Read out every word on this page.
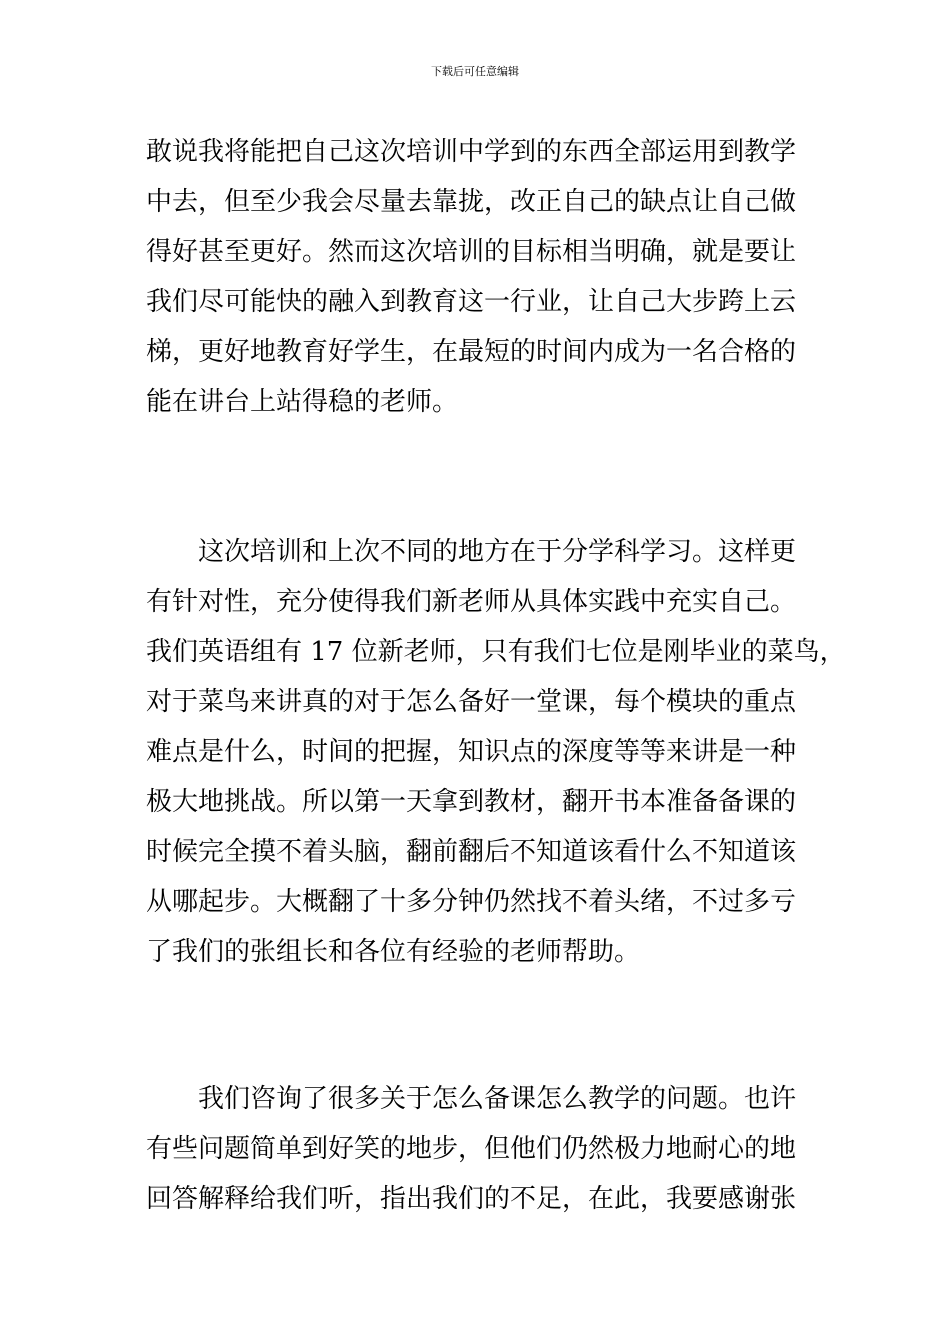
下载后可任意编辑
敢说我将能把自己这次培训中学到的东西全部运用到教学
中去，但至少我会尽量去靠拢，改正自己的缺点让自己做
得好甚至更好。然而这次培训的目标相当明确，就是要让
我们尽可能快的融入到教育这一行业，让自己大步跨上云
梯，更好地教育好学生，在最短的时间内成为一名合格的
能在讲台上站得稳的老师。
这次培训和上次不同的地方在于分学科学习。这样更
有针对性，充分使得我们新老师从具体实践中充实自己。
我们英语组有 17 位新老师，只有我们七位是刚毕业的菜鸟，
对于菜鸟来讲真的对于怎么备好一堂课，每个模块的重点
难点是什么，时间的把握，知识点的深度等等来讲是一种
极大地挑战。所以第一天拿到教材，翻开书本准备备课的
时候完全摸不着头脑，翻前翻后不知道该看什么不知道该
从哪起步。大概翻了十多分钟仍然找不着头绪，不过多亏
了我们的张组长和各位有经验的老师帮助。
我们咨询了很多关于怎么备课怎么教学的问题。也许
有些问题简单到好笑的地步，但他们仍然极力地耐心的地
回答解释给我们听，指出我们的不足，在此，我要感谢张
